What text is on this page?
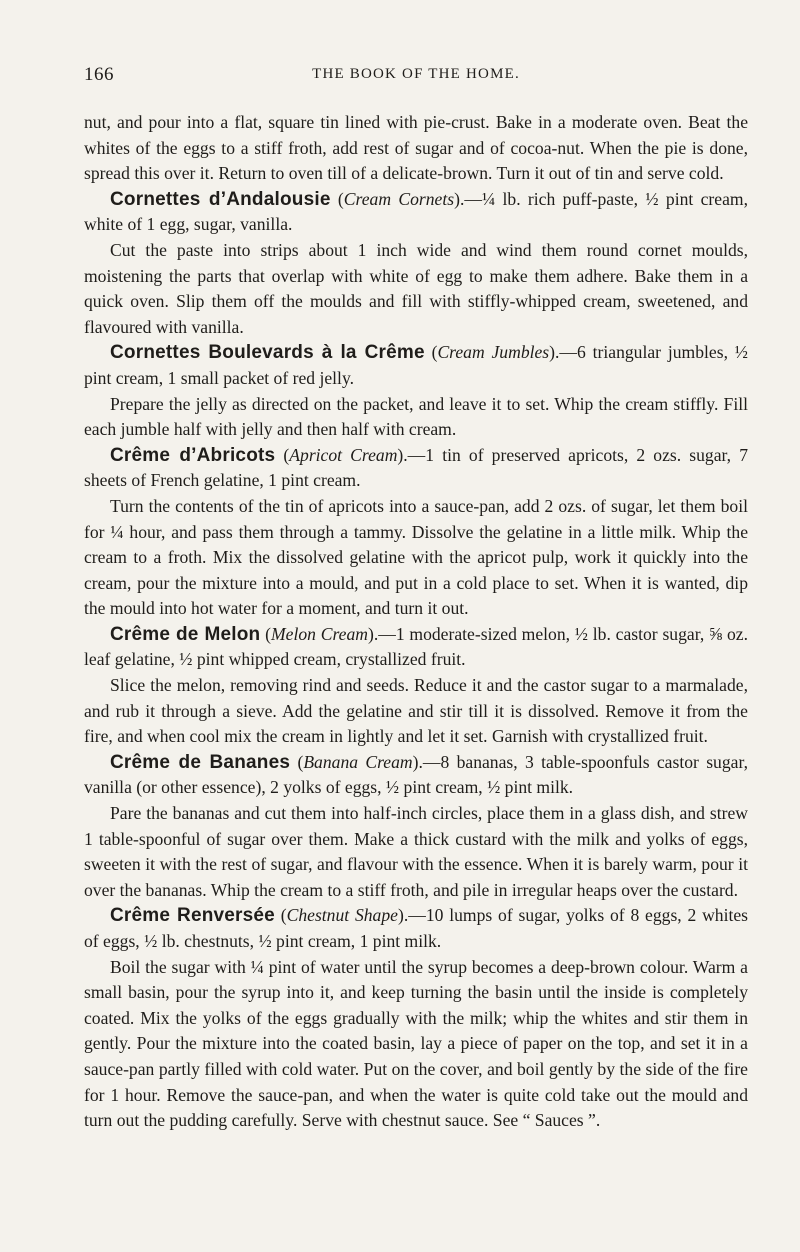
166	THE BOOK OF THE HOME.

nut, and pour into a flat, square tin lined with pie-crust. Bake in a moderate oven. Beat the whites of the eggs to a stiff froth, add rest of sugar and of cocoa-nut. When the pie is done, spread this over it. Return to oven till of a delicate-brown. Turn it out of tin and serve cold.

Cornettes d’Andalousie (Cream Cornets).—¼ lb. rich puff-paste, ½ pint cream, white of 1 egg, sugar, vanilla.

Cut the paste into strips about 1 inch wide and wind them round cornet moulds, moistening the parts that overlap with white of egg to make them adhere. Bake them in a quick oven. Slip them off the moulds and fill with stiffly-whipped cream, sweetened, and flavoured with vanilla.

Cornettes Boulevards à la Crême (Cream Jumbles).—6 triangular jumbles, ½ pint cream, 1 small packet of red jelly.

Prepare the jelly as directed on the packet, and leave it to set. Whip the cream stiffly. Fill each jumble half with jelly and then half with cream.

Crême d’Abricots (Apricot Cream).—1 tin of preserved apricots, 2 ozs. sugar, 7 sheets of French gelatine, 1 pint cream.

Turn the contents of the tin of apricots into a sauce-pan, add 2 ozs. of sugar, let them boil for ¼ hour, and pass them through a tammy. Dissolve the gelatine in a little milk. Whip the cream to a froth. Mix the dissolved gelatine with the apricot pulp, work it quickly into the cream, pour the mixture into a mould, and put in a cold place to set. When it is wanted, dip the mould into hot water for a moment, and turn it out.

Crême de Melon (Melon Cream).—1 moderate-sized melon, ½ lb. castor sugar, ⅝ oz. leaf gelatine, ½ pint whipped cream, crystallized fruit.

Slice the melon, removing rind and seeds. Reduce it and the castor sugar to a marmalade, and rub it through a sieve. Add the gelatine and stir till it is dissolved. Remove it from the fire, and when cool mix the cream in lightly and let it set. Garnish with crystallized fruit.

Crême de Bananes (Banana Cream).—8 bananas, 3 table-spoonfuls castor sugar, vanilla (or other essence), 2 yolks of eggs, ½ pint cream, ½ pint milk.

Pare the bananas and cut them into half-inch circles, place them in a glass dish, and strew 1 table-spoonful of sugar over them. Make a thick custard with the milk and yolks of eggs, sweeten it with the rest of sugar, and flavour with the essence. When it is barely warm, pour it over the bananas. Whip the cream to a stiff froth, and pile in irregular heaps over the custard.

Crême Renversée (Chestnut Shape).—10 lumps of sugar, yolks of 8 eggs, 2 whites of eggs, ½ lb. chestnuts, ½ pint cream, 1 pint milk.

Boil the sugar with ¼ pint of water until the syrup becomes a deep-brown colour. Warm a small basin, pour the syrup into it, and keep turning the basin until the inside is completely coated. Mix the yolks of the eggs gradually with the milk; whip the whites and stir them in gently. Pour the mixture into the coated basin, lay a piece of paper on the top, and set it in a sauce-pan partly filled with cold water. Put on the cover, and boil gently by the side of the fire for 1 hour. Remove the sauce-pan, and when the water is quite cold take out the mould and turn out the pudding carefully. Serve with chestnut sauce. See “ Sauces ”.
